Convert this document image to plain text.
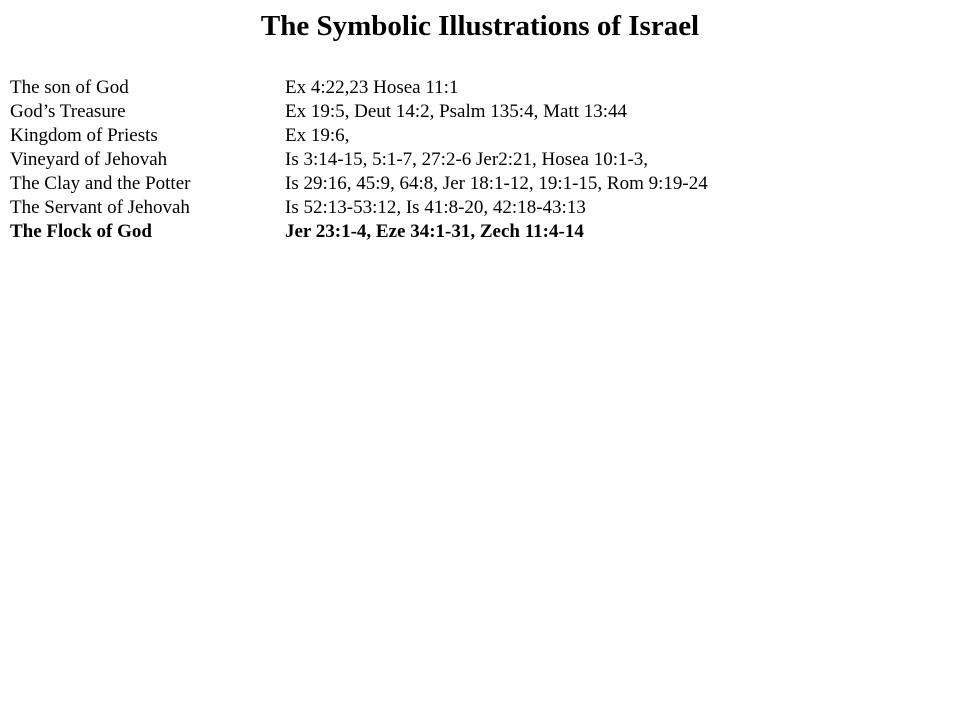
The Symbolic Illustrations of Israel
The son of God	Ex 4:22,23 Hosea 11:1
God’s Treasure	Ex 19:5, Deut 14:2, Psalm 135:4, Matt 13:44
Kingdom of Priests	Ex 19:6,
Vineyard of Jehovah	Is 3:14-15, 5:1-7, 27:2-6 Jer2:21, Hosea 10:1-3,
The Clay and the Potter	Is 29:16, 45:9, 64:8, Jer 18:1-12, 19:1-15, Rom 9:19-24
The Servant of Jehovah	Is 52:13-53:12, Is 41:8-20, 42:18-43:13
The Flock of God	Jer 23:1-4, Eze 34:1-31, Zech 11:4-14
